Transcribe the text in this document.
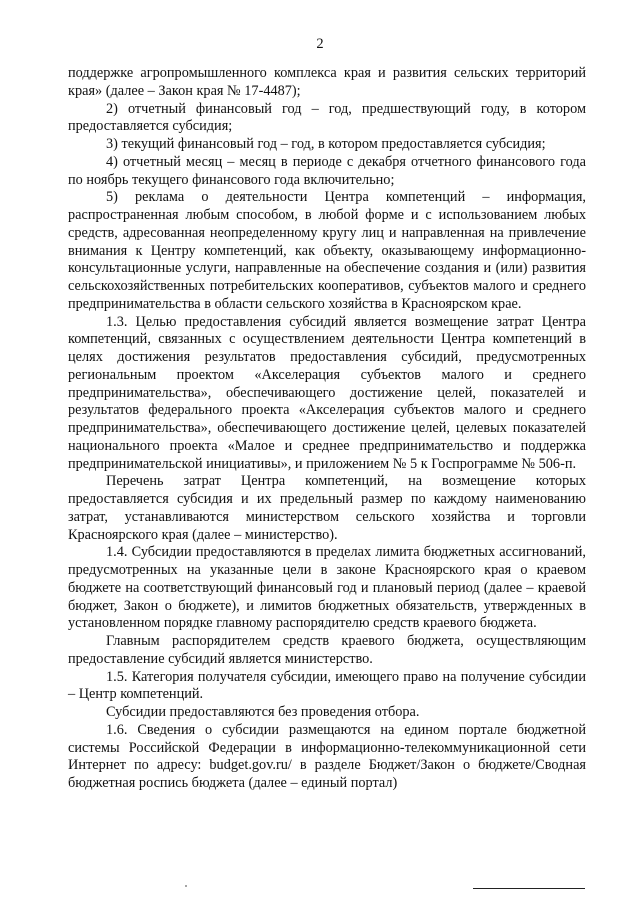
2

поддержке агропромышленного комплекса края и развития сельских территорий края» (далее – Закон края № 17-4487);

2) отчетный финансовый год – год, предшествующий году, в котором предоставляется субсидия;

3) текущий финансовый год – год, в котором предоставляется субсидия;

4) отчетный месяц – месяц в периоде с декабря отчетного финансового года по ноябрь текущего финансового года включительно;

5) реклама о деятельности Центра компетенций – информация, распространенная любым способом, в любой форме и с использованием любых средств, адресованная неопределенному кругу лиц и направленная на привлечение внимания к Центру компетенций, как объекту, оказывающему информационно-консультационные услуги, направленные на обеспечение создания и (или) развития сельскохозяйственных потребительских кооперативов, субъектов малого и среднего предпринимательства в области сельского хозяйства в Красноярском крае.

1.3. Целью предоставления субсидий является возмещение затрат Центра компетенций, связанных с осуществлением деятельности Центра компетенций в целях достижения результатов предоставления субсидий, предусмотренных региональным проектом «Акселерация субъектов малого и среднего предпринимательства», обеспечивающего достижение целей, показателей и результатов федерального проекта «Акселерация субъектов малого и среднего предпринимательства», обеспечивающего достижение целей, целевых показателей национального проекта «Малое и среднее предпринимательство и поддержка предпринимательской инициативы», и приложением № 5 к Госпрограмме № 506-п.

Перечень затрат Центра компетенций, на возмещение которых предоставляется субсидия и их предельный размер по каждому наименованию затрат, устанавливаются министерством сельского хозяйства и торговли Красноярского края (далее – министерство).

1.4. Субсидии предоставляются в пределах лимита бюджетных ассигнований, предусмотренных на указанные цели в законе Красноярского края о краевом бюджете на соответствующий финансовый год и плановый период (далее – краевой бюджет, Закон о бюджете), и лимитов бюджетных обязательств, утвержденных в установленном порядке главному распорядителю средств краевого бюджета.

Главным распорядителем средств краевого бюджета, осуществляющим предоставление субсидий является министерство.

1.5. Категория получателя субсидии, имеющего право на получение субсидии – Центр компетенций.

Субсидии предоставляются без проведения отбора.

1.6. Сведения о субсидии размещаются на едином портале бюджетной системы Российской Федерации в информационно-телекоммуникационной сети Интернет по адресу: budget.gov.ru/ в разделе Бюджет/Закон о бюджете/Сводная бюджетная роспись бюджета (далее – единый портал)
